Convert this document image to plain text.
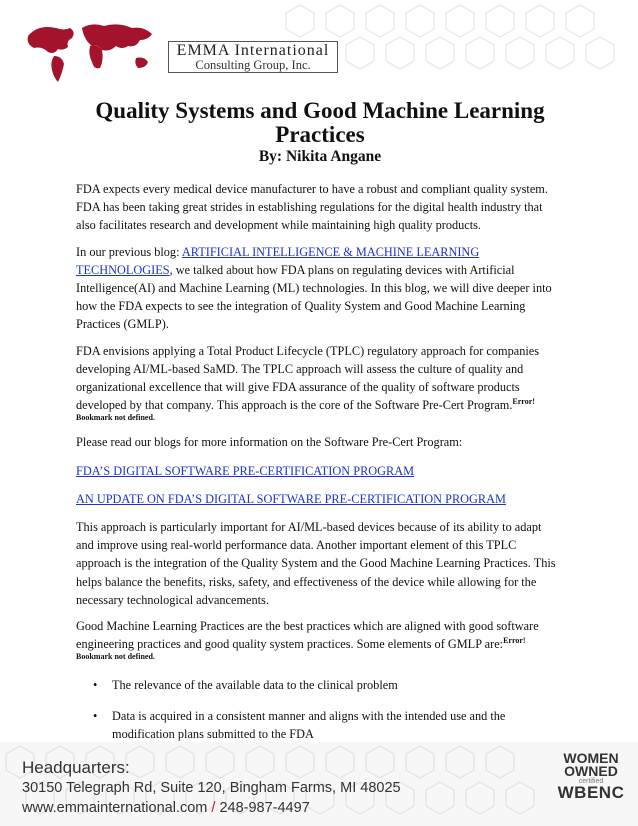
EMMA International
Consulting Group, Inc.
Quality Systems and Good Machine Learning Practices
By: Nikita Angane

FDA expects every medical device manufacturer to have a robust and compliant quality system. FDA has been taking great strides in establishing regulations for the digital health industry that also facilitates research and development while maintaining high quality products.

In our previous blog: ARTIFICIAL INTELLIGENCE & MACHINE LEARNING TECHNOLOGIES, we talked about how FDA plans on regulating devices with Artificial Intelligence(AI) and Machine Learning (ML) technologies. In this blog, we will dive deeper into how the FDA expects to see the integration of Quality System and Good Machine Learning Practices (GMLP).

FDA envisions applying a Total Product Lifecycle (TPLC) regulatory approach for companies developing AI/ML-based SaMD. The TPLC approach will assess the culture of quality and organizational excellence that will give FDA assurance of the quality of software products developed by that company. This approach is the core of the Software Pre-Cert Program.$^{Error!}$
Bookmark not defined.

Please read our blogs for more information on the Software Pre-Cert Program:

FDA’S DIGITAL SOFTWARE PRE-CERTIFICATION PROGRAM

AN UPDATE ON FDA’S DIGITAL SOFTWARE PRE-CERTIFICATION PROGRAM

This approach is particularly important for AI/ML-based devices because of its ability to adapt and improve using real-world performance data. Another important element of this TPLC approach is the integration of the Quality System and the Good Machine Learning Practices. This helps balance the benefits, risks, safety, and effectiveness of the device while allowing for the necessary technological advancements.

Good Machine Learning Practices are the best practices which are aligned with good software engineering practices and good quality system practices. Some elements of GMLP are:$^{Error!}$
Bookmark not defined.

• The relevance of the available data to the clinical problem
• Data is acquired in a consistent manner and aligns with the intended use and the modification plans submitted to the FDA
Headquarters:
30150 Telegraph Rd, Suite 120, Bingham Farms, MI 48025
www.emmainternational.com / 248-987-4497
WOMEN
OWNED
certified
WBENC
